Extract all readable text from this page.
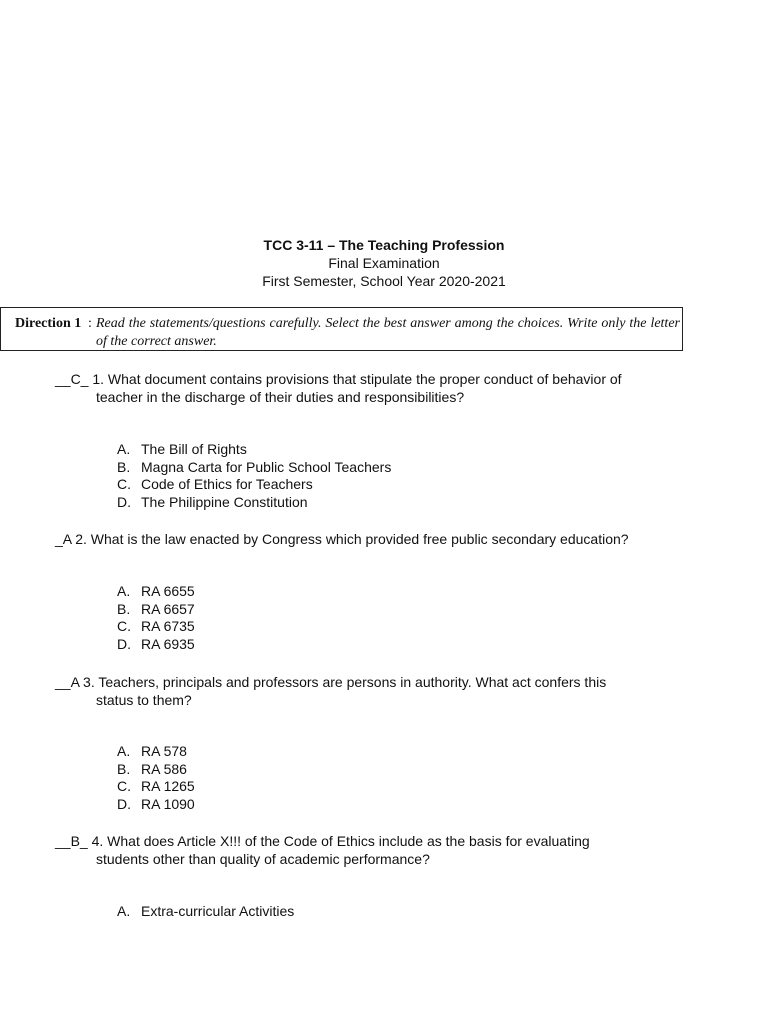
TCC 3-11 – The Teaching Profession
Final Examination
First Semester, School Year 2020-2021
Direction 1 : Read the statements/questions carefully. Select the best answer among the choices. Write only the letter of the correct answer.
__C_ 1. What document contains provisions that stipulate the proper conduct of behavior of
teacher in the discharge of their duties and responsibilities?
A. The Bill of Rights
B. Magna Carta for Public School Teachers
C. Code of Ethics for Teachers
D. The Philippine Constitution
_A 2. What is the law enacted by Congress which provided free public secondary education?
A. RA 6655
B. RA 6657
C. RA 6735
D. RA 6935
__A 3. Teachers, principals and professors are persons in authority. What act confers this
status to them?
A. RA 578
B. RA 586
C. RA 1265
D. RA 1090
__B_ 4. What does Article X!!! of the Code of Ethics include as the basis for evaluating
students other than quality of academic performance?
A. Extra-curricular Activities
